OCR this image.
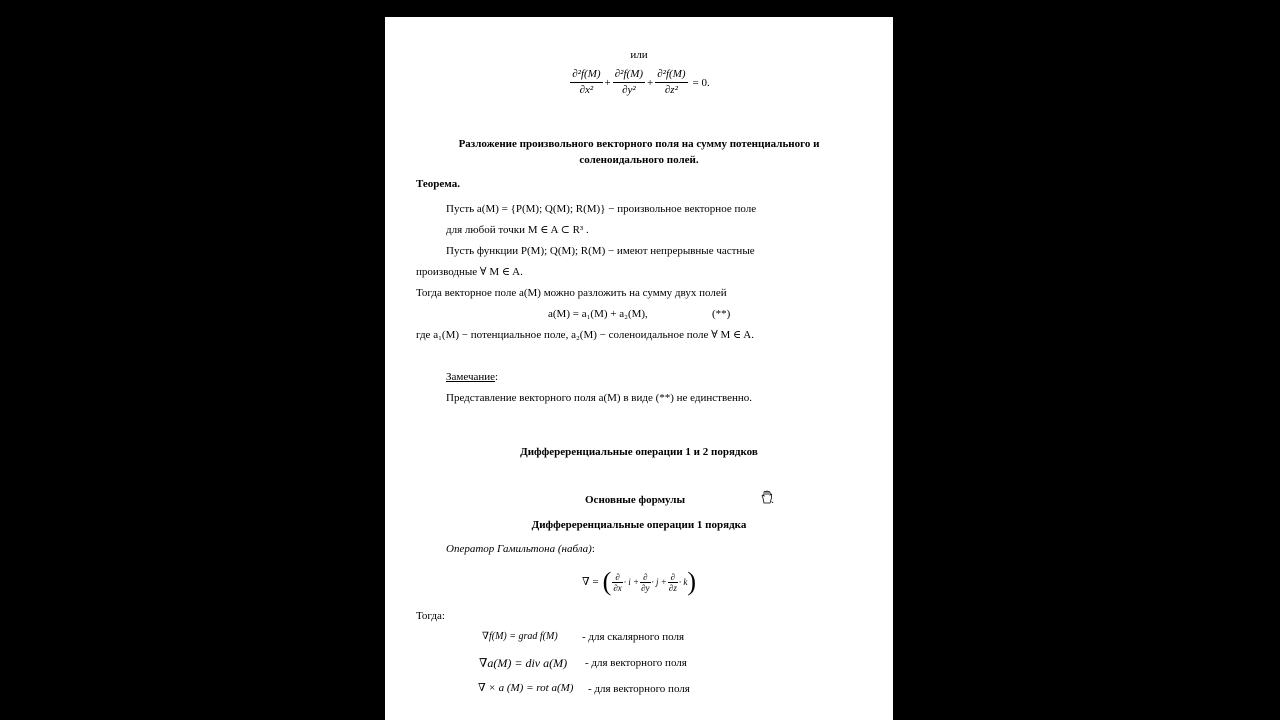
или
$\frac{\text{∂²f(M)}}{\text{∂x²}} + \frac{\text{∂²f(M)}}{\text{∂y²}} + \frac{\text{∂²f(M)}}{\text{∂z²}} = 0$.
Разложение произвольного векторного поля на сумму потенциального и
соленоидального полей.
Теорема.
Пусть a(M) = {P(M); Q(M); R(M)} − произвольное векторное поле
для любой точки M ∈ A ⊂ R³ .
Пусть функции P(M); Q(M); R(M) − имеют непрерывные частные
производные ∀ M ∈ A.
Тогда векторное поле a(M) можно разложить на сумму двух полей
a(M) = a₁(M) + a₂(M),	(**)
где a₁(M) − потенциальное поле, a₂(M) − соленоидальное поле ∀ M ∈ A.
Замечание:
Представление векторного поля a(M) в виде (**) не единственно.
Диффереренциальные операции 1 и 2 порядков
Основные формулы
Диффереренциальные операции 1 порядка
Оператор Гамильтона (набла):
∇ = ( $\frac{\partial}{\partial x} \cdot i + \frac{\partial}{\partial y} \cdot j + \frac{\partial}{\partial z} \cdot k$)
Тогда:
∇f(M) = grad f(M) - для скалярного поля
∇a(M) = div a(M) - для векторного поля
∇ × a (M) = rot a(M) - для векторного поля
